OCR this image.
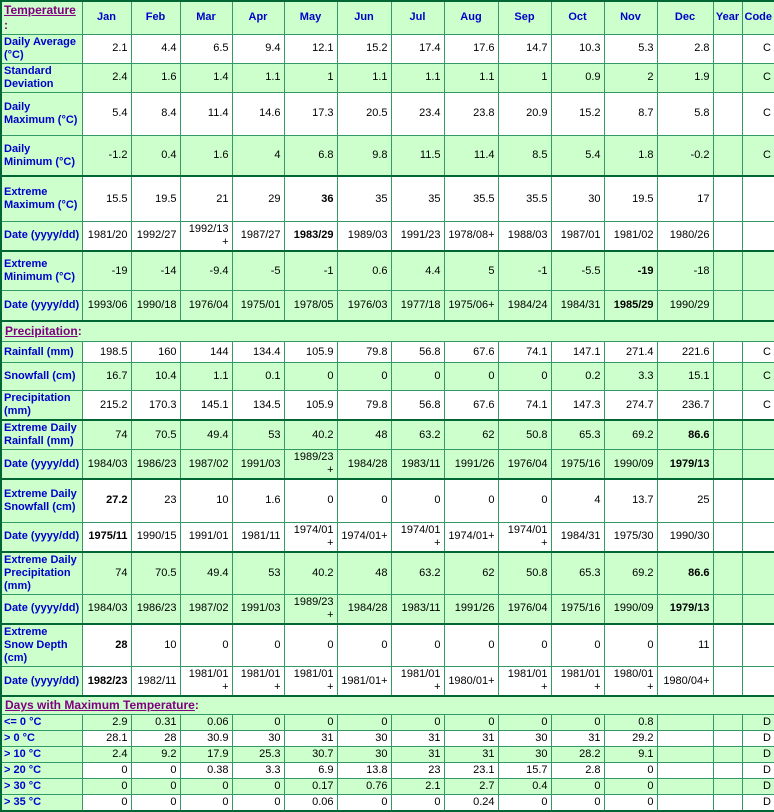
Temperature:	Jan	Feb	Mar	Apr	May	Jun	Jul	Aug	Sep	Oct	Nov	Dec	Year	Code
Daily Average (°C)	2.1	4.4	6.5	9.4	12.1	15.2	17.4	17.6	14.7	10.3	5.3	2.8		C
Standard Deviation	2.4	1.6	1.4	1.1	1	1.1	1.1	1.1	1	0.9	2	1.9		C
Daily Maximum (°C)	5.4	8.4	11.4	14.6	17.3	20.5	23.4	23.8	20.9	15.2	8.7	5.8		C
Daily Minimum (°C)	-1.2	0.4	1.6	4	6.8	9.8	11.5	11.4	8.5	5.4	1.8	-0.2		C
Extreme Maximum (°C)	15.5	19.5	21	29	36	35	35	35.5	35.5	30	19.5	17		
Date (yyyy/dd)	1981/20	1992/27	1992/13+	1987/27	1983/29	1989/03	1991/23	1978/08+	1988/03	1987/01	1981/02	1980/26		
Extreme Minimum (°C)	-19	-14	-9.4	-5	-1	0.6	4.4	5	-1	-5.5	-19	-18		
Date (yyyy/dd)	1993/06	1990/18	1976/04	1975/01	1978/05	1976/03	1977/18	1975/06+	1984/24	1984/31	1985/29	1990/29		
Precipitation:														
Rainfall (mm)	198.5	160	144	134.4	105.9	79.8	56.8	67.6	74.1	147.1	271.4	221.6		C
Snowfall (cm)	16.7	10.4	1.1	0.1	0	0	0	0	0	0.2	3.3	15.1		C
Precipitation (mm)	215.2	170.3	145.1	134.5	105.9	79.8	56.8	67.6	74.1	147.3	274.7	236.7		C
Extreme Daily Rainfall (mm)	74	70.5	49.4	53	40.2	48	63.2	62	50.8	65.3	69.2	86.6		
Date (yyyy/dd)	1984/03	1986/23	1987/02	1991/03	1989/23+	1984/28	1983/11	1991/26	1976/04	1975/16	1990/09	1979/13		
Extreme Daily Snowfall (cm)	27.2	23	10	1.6	0	0	0	0	0	4	13.7	25		
Date (yyyy/dd)	1975/11	1990/15	1991/01	1981/11	1974/01+	1974/01+	1974/01+	1974/01+	1974/01+	1984/31	1975/30	1990/30		
Extreme Daily Precipitation (mm)	74	70.5	49.4	53	40.2	48	63.2	62	50.8	65.3	69.2	86.6		
Date (yyyy/dd)	1984/03	1986/23	1987/02	1991/03	1989/23+	1984/28	1983/11	1991/26	1976/04	1975/16	1990/09	1979/13		
Extreme Snow Depth (cm)	28	10	0	0	0	0	0	0	0	0	0	11		
Date (yyyy/dd)	1982/23	1982/11	1981/01+	1981/01+	1981/01+	1981/01+	1981/01+	1980/01+	1981/01+	1981/01+	1980/01+	1980/04+		
Days with Maximum Temperature:														
<= 0 °C	2.9	0.31	0.06	0	0	0	0	0	0	0	0.8			D
> 0 °C	28.1	28	30.9	30	31	30	31	31	30	31	29.2			D
> 10 °C	2.4	9.2	17.9	25.3	30.7	30	31	31	30	28.2	9.1			D
> 20 °C	0	0	0.38	3.3	6.9	13.8	23	23.1	15.7	2.8	0			D
> 30 °C	0	0	0	0	0.17	0.76	2.1	2.7	0.4	0	0			D
> 35 °C	0	0	0	0	0.06	0	0	0.24	0	0	0			D
